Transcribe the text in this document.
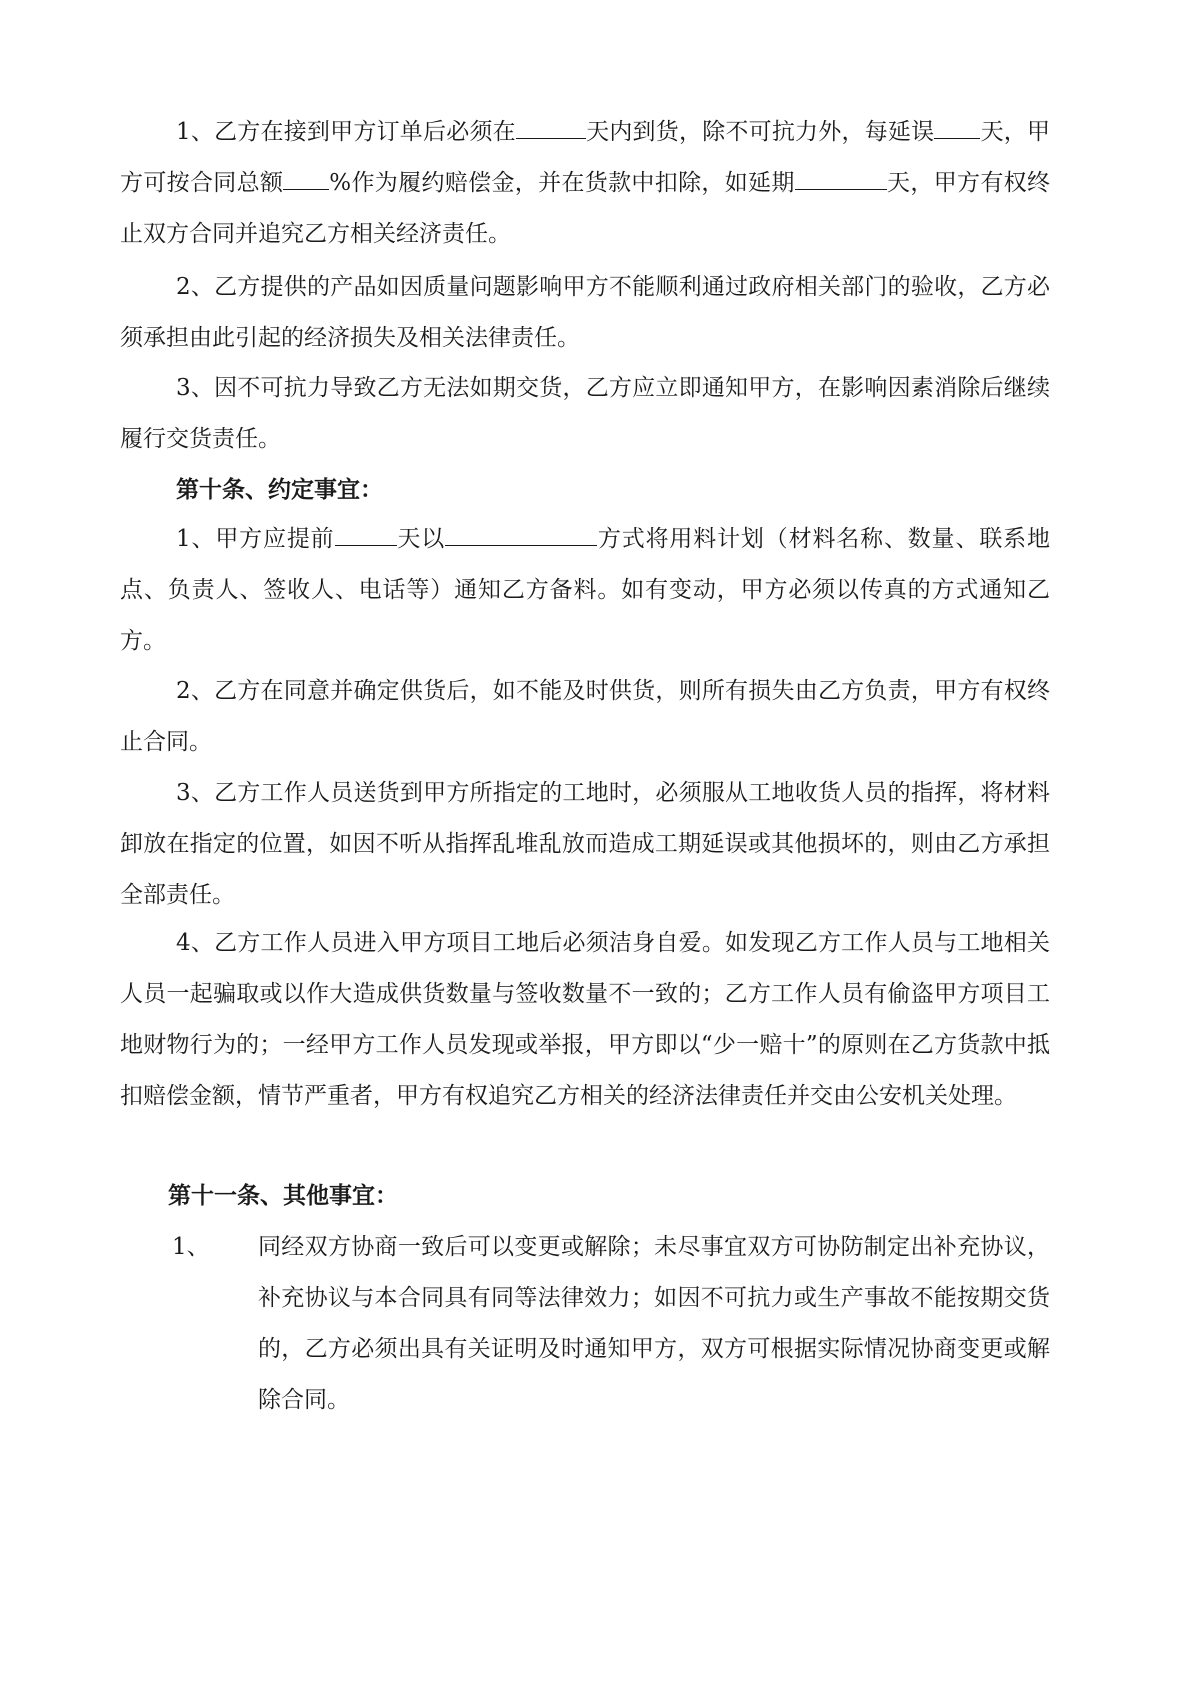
1、乙方在接到甲方订单后必须在	天内到货，除不可抗力外，每延误 天，甲方可按合同总额 %作为履约赔偿金，并在货款中扣除，如延期	天，甲方有权终止双方合同并追究乙方相关经济责任。

2、乙方提供的产品如因质量问题影响甲方不能顺利通过政府相关部门的验收，乙方必须承担由此引起的经济损失及相关法律责任。

3、因不可抗力导致乙方无法如期交货，乙方应立即通知甲方，在影响因素消除后继续履行交货责任。

第十条、约定事宜：

1、甲方应提前	天以	方式将用料计划（材料名称、数量、联系地点、负责人、签收人、电话等）通知乙方备料。如有变动，甲方必须以传真的方式通知乙方。

2、乙方在同意并确定供货后，如不能及时供货，则所有损失由乙方负责，甲方有权终止合同。

3、乙方工作人员送货到甲方所指定的工地时，必须服从工地收货人员的指挥，将材料卸放在指定的位置，如因不听从指挥乱堆乱放而造成工期延误或其他损坏的，则由乙方承担全部责任。

4、乙方工作人员进入甲方项目工地后必须洁身自爱。如发现乙方工作人员与工地相关人员一起骗取或以作大造成供货数量与签收数量不一致的；乙方工作人员有偷盗甲方项目工地财物行为的；一经甲方工作人员发现或举报，甲方即以“少一赔十”的原则在乙方货款中抵扣赔偿金额，情节严重者，甲方有权追究乙方相关的经济法律责任并交由公安机关处理。

第十一条、其他事宜：

1、 同经双方协商一致后可以变更或解除；未尽事宜双方可协防制定出补充协议，补充协议与本合同具有同等法律效力；如因不可抗力或生产事故不能按期交货的，乙方必须出具有关证明及时通知甲方，双方可根据实际情况协商变更或解除合同。
